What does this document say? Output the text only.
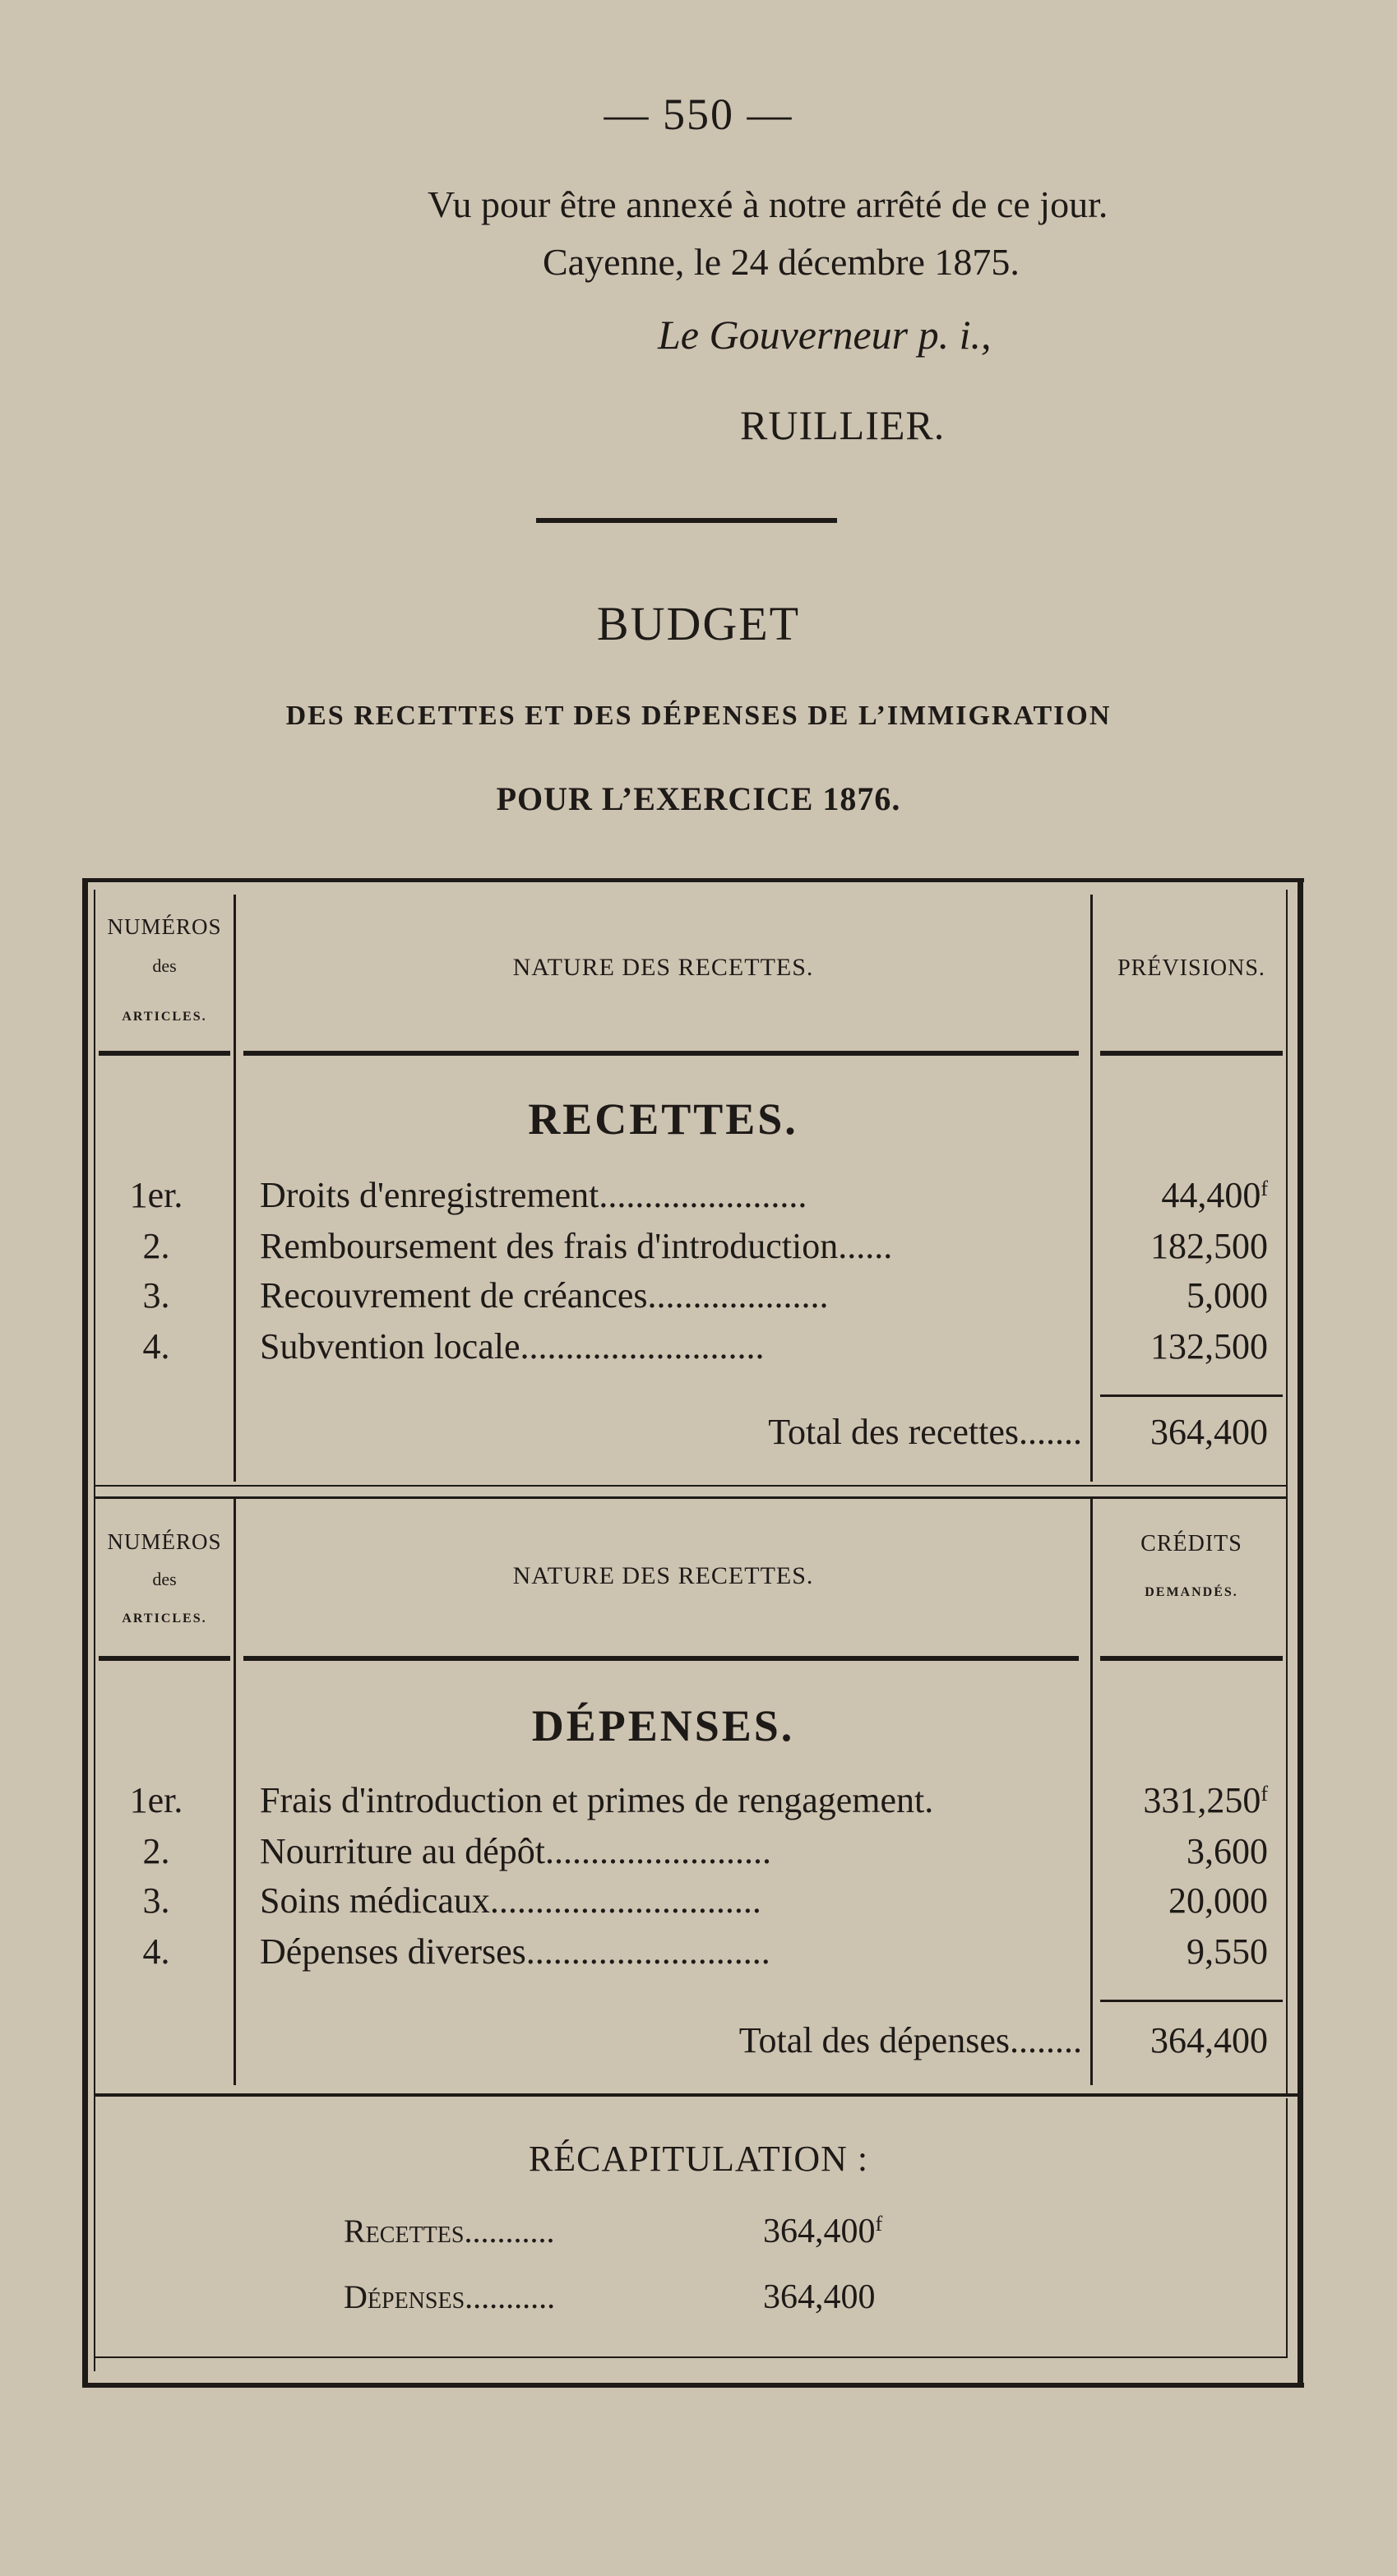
— 550 —
Vu pour être annexé à notre arrêté de ce jour.
Cayenne, le 24 décembre 1875.
Le Gouverneur p. i.,
RUILLIER.
BUDGET
DES RECETTES ET DES DÉPENSES DE L’IMMIGRATION
POUR L’EXERCICE 1876.
NUMÉROS
des
ARTICLES.
NATURE DES RECETTES.	PRÉVISIONS.
RECETTES.
1er.	Droits d'enregistrement.......................	44,400$^f$
2.	Remboursement des frais d'introduction......	182,500
3.	Recouvrement de créances....................	5,000
4.	Subvention locale...........................	132,500
Total des recettes.......	364,400
NUMÉROS
des
ARTICLES.
NATURE DES RECETTES.
CRÉDITS
DEMANDÉS.
DÉPENSES.
1er.	Frais d'introduction et primes de rengagement.	331,250$^f$
2.	Nourriture au dépôt.........................	3,600
3.	Soins médicaux..............................	20,000
4.	Dépenses diverses...........................	9,550
Total des dépenses........	364,400
RÉCAPITULATION :
Recettes...........	364,400$^f$
Dépenses...........	364,400
